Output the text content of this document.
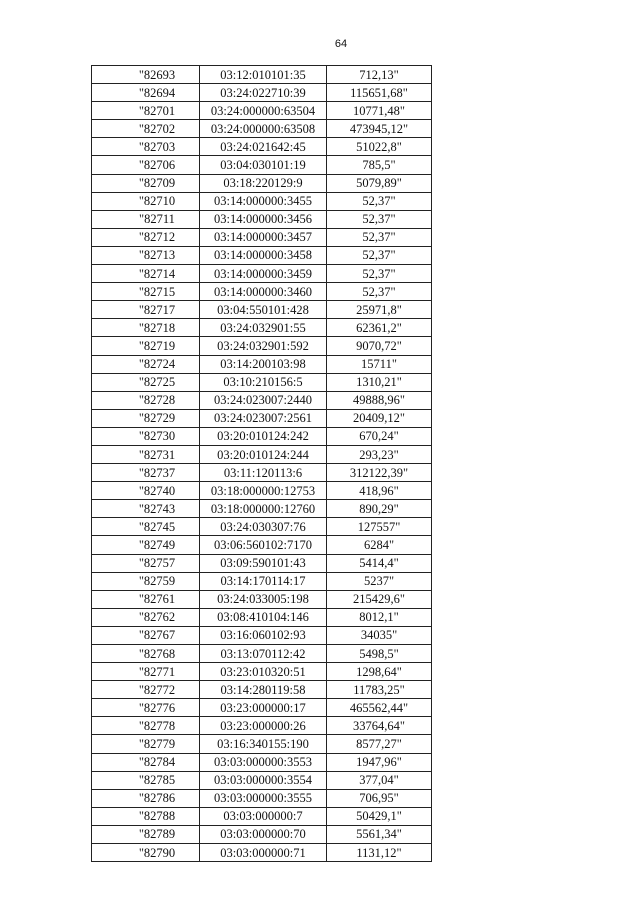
64
"82693	03:12:010101:35	712,13"
"82694	03:24:022710:39	115651,68"
"82701	03:24:000000:63504	10771,48"
"82702	03:24:000000:63508	473945,12"
"82703	03:24:021642:45	51022,8"
"82706	03:04:030101:19	785,5"
"82709	03:18:220129:9	5079,89"
"82710	03:14:000000:3455	52,37"
"82711	03:14:000000:3456	52,37"
"82712	03:14:000000:3457	52,37"
"82713	03:14:000000:3458	52,37"
"82714	03:14:000000:3459	52,37"
"82715	03:14:000000:3460	52,37"
"82717	03:04:550101:428	25971,8"
"82718	03:24:032901:55	62361,2"
"82719	03:24:032901:592	9070,72"
"82724	03:14:200103:98	15711"
"82725	03:10:210156:5	1310,21"
"82728	03:24:023007:2440	49888,96"
"82729	03:24:023007:2561	20409,12"
"82730	03:20:010124:242	670,24"
"82731	03:20:010124:244	293,23"
"82737	03:11:120113:6	312122,39"
"82740	03:18:000000:12753	418,96"
"82743	03:18:000000:12760	890,29"
"82745	03:24:030307:76	127557"
"82749	03:06:560102:7170	6284"
"82757	03:09:590101:43	5414,4"
"82759	03:14:170114:17	5237"
"82761	03:24:033005:198	215429,6"
"82762	03:08:410104:146	8012,1"
"82767	03:16:060102:93	34035"
"82768	03:13:070112:42	5498,5"
"82771	03:23:010320:51	1298,64"
"82772	03:14:280119:58	11783,25"
"82776	03:23:000000:17	465562,44"
"82778	03:23:000000:26	33764,64"
"82779	03:16:340155:190	8577,27"
"82784	03:03:000000:3553	1947,96"
"82785	03:03:000000:3554	377,04"
"82786	03:03:000000:3555	706,95"
"82788	03:03:000000:7	50429,1"
"82789	03:03:000000:70	5561,34"
"82790	03:03:000000:71	1131,12"
